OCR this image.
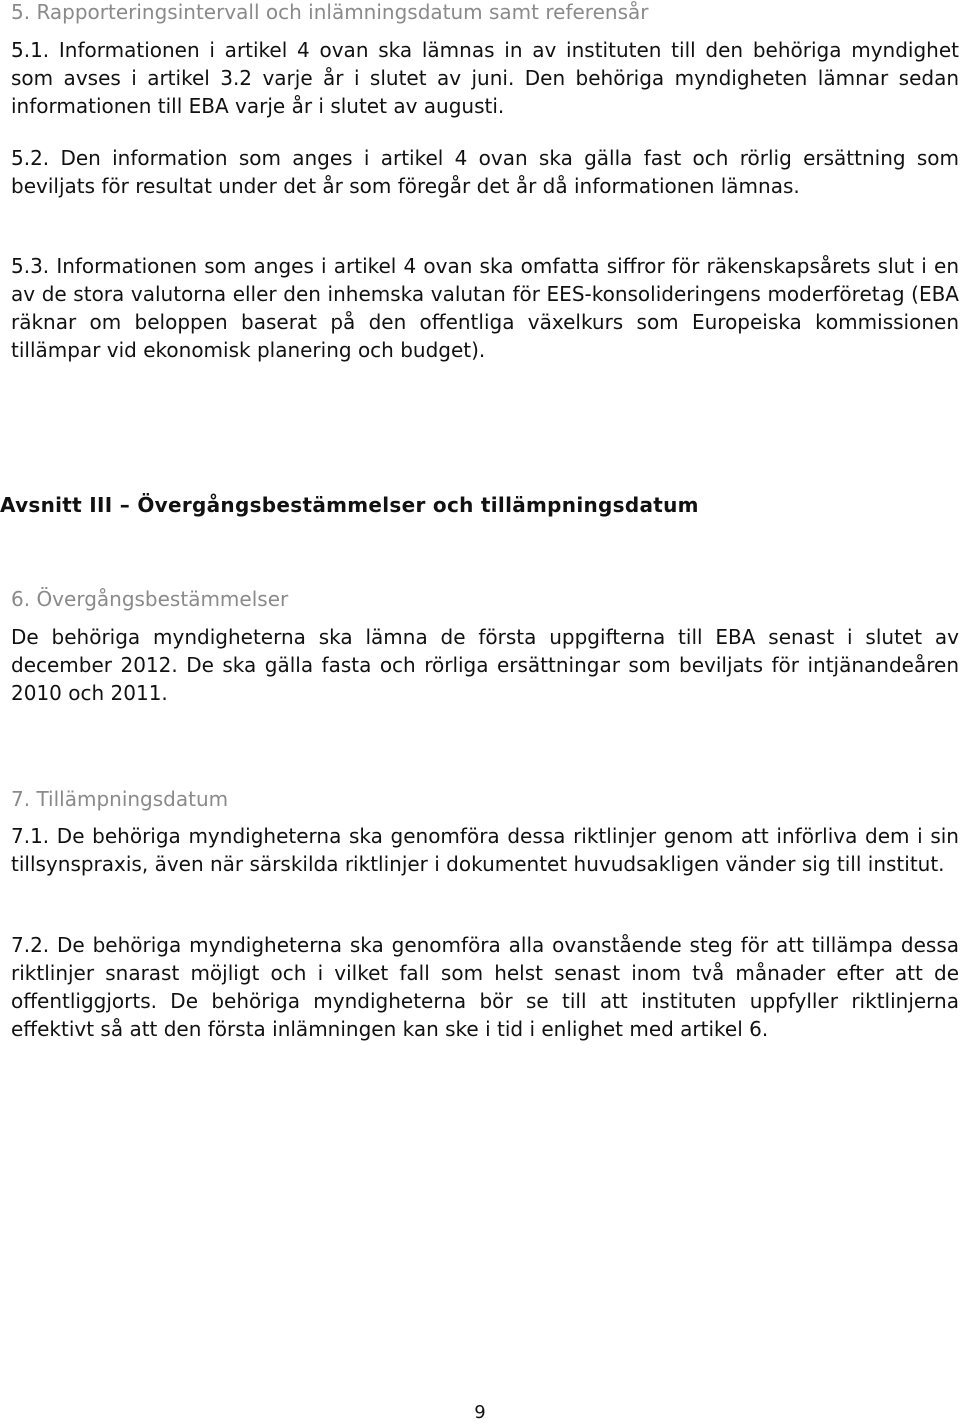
5. Rapporteringsintervall och inlämningsdatum samt referensår

5.1. Informationen i artikel 4 ovan ska lämnas in av instituten till den behöriga myndighet som avses i artikel 3.2 varje år i slutet av juni. Den behöriga myndigheten lämnar sedan informationen till EBA varje år i slutet av augusti.

5.2. Den information som anges i artikel 4 ovan ska gälla fast och rörlig ersättning som beviljats för resultat under det år som föregår det år då informationen lämnas.

5.3. Informationen som anges i artikel 4 ovan ska omfatta siffror för räkenskapsårets slut i en av de stora valutorna eller den inhemska valutan för EES-konsolideringens moderföretag (EBA räknar om beloppen baserat på den offentliga växelkurs som Europeiska kommissionen tillämpar vid ekonomisk planering och budget).

Avsnitt III – Övergångsbestämmelser och tillämpningsdatum
6. Övergångsbestämmelser

De behöriga myndigheterna ska lämna de första uppgifterna till EBA senast i slutet av december 2012. De ska gälla fasta och rörliga ersättningar som beviljats för intjänandeåren 2010 och 2011.

7. Tillämpningsdatum

7.1. De behöriga myndigheterna ska genomföra dessa riktlinjer genom att införliva dem i sin tillsynspraxis, även när särskilda riktlinjer i dokumentet huvudsakligen vänder sig till institut.

7.2. De behöriga myndigheterna ska genomföra alla ovanstående steg för att tillämpa dessa riktlinjer snarast möjligt och i vilket fall som helst senast inom två månader efter att de offentliggjorts. De behöriga myndigheterna bör se till att instituten uppfyller riktlinjerna effektivt så att den första inlämningen kan ske i tid i enlighet med artikel 6.

9
